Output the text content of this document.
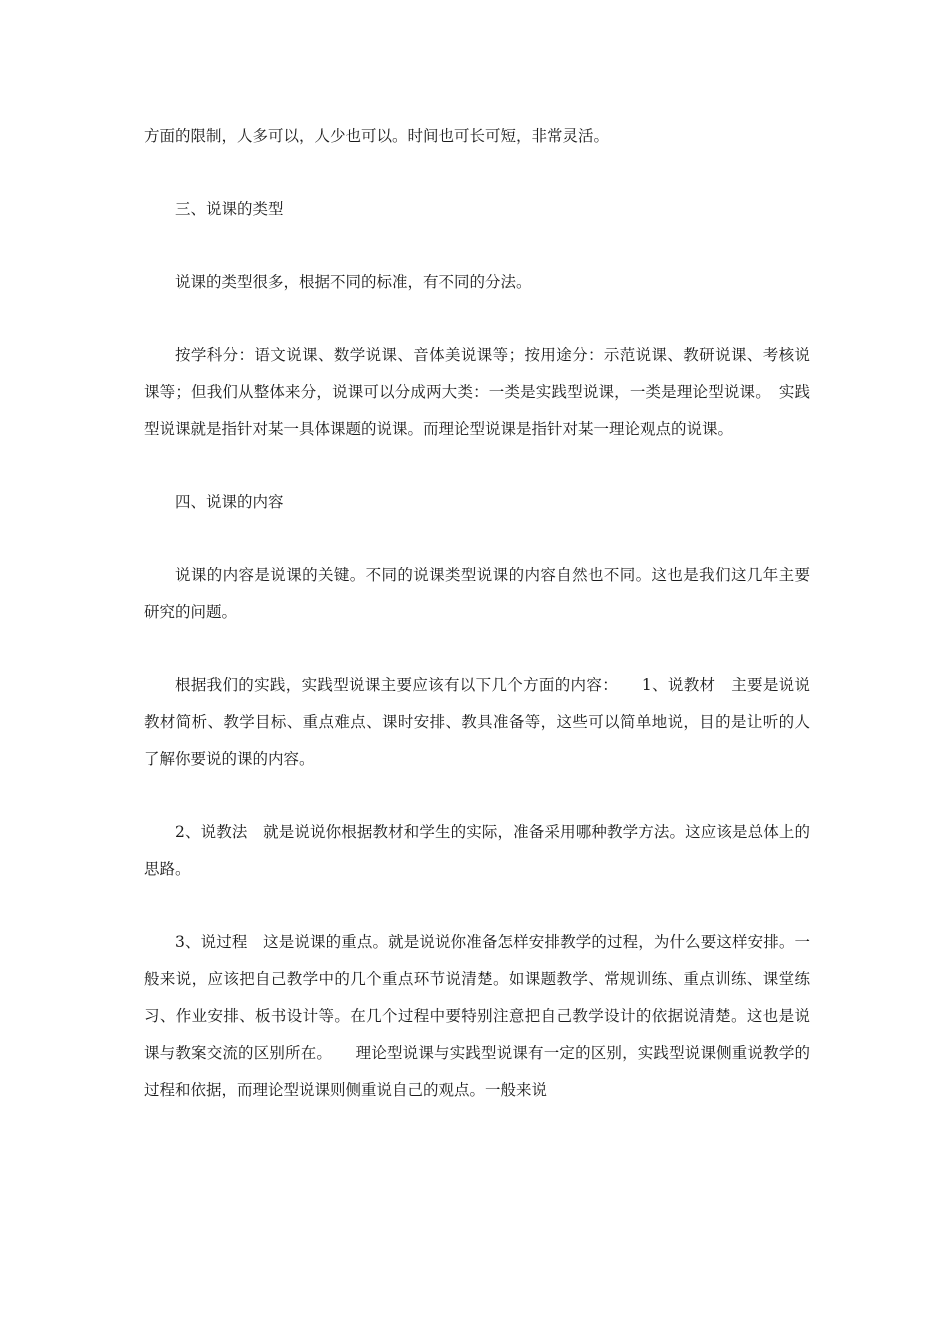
方面的限制，人多可以，人少也可以。时间也可长可短，非常灵活。

三、说课的类型

说课的类型很多，根据不同的标准，有不同的分法。

按学科分：语文说课、数学说课、音体美说课等；按用途分：示范说课、教研说课、考核说课等；但我们从整体来分，说课可以分成两大类：一类是实践型说课，一类是理论型说课。　实践型说课就是指针对某一具体课题的说课。而理论型说课是指针对某一理论观点的说课。

四、说课的内容

说课的内容是说课的关键。不同的说课类型说课的内容自然也不同。这也是我们这几年主要研究的问题。

根据我们的实践，实践型说课主要应该有以下几个方面的内容：　　1、说教材　主要是说说教材简析、教学目标、重点难点、课时安排、教具准备等，这些可以简单地说，目的是让听的人了解你要说的课的内容。

2、说教法　就是说说你根据教材和学生的实际，准备采用哪种教学方法。这应该是总体上的思路。

3、说过程　这是说课的重点。就是说说你准备怎样安排教学的过程，为什么要这样安排。一般来说，应该把自己教学中的几个重点环节说清楚。如课题教学、常规训练、重点训练、课堂练习、作业安排、板书设计等。在几个过程中要特别注意把自己教学设计的依据说清楚。这也是说课与教案交流的区别所在。　　理论型说课与实践型说课有一定的区别，实践型说课侧重说教学的过程和依据，而理论型说课则侧重说自己的观点。一般来说
